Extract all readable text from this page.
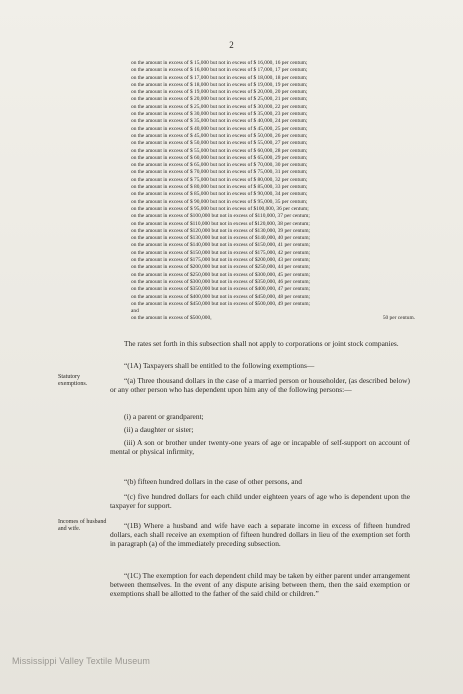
2
on the amount in excess of $ 15,000 but not in excess of $ 16,000, 16 per centum;
on the amount in excess of $ 16,000 but not in excess of $ 17,000, 17 per centum;
on the amount in excess of $ 17,000 but not in excess of $ 18,000, 18 per centum;
on the amount in excess of $ 18,000 but not in excess of $ 19,000, 19 per centum;
on the amount in excess of $ 19,000 but not in excess of $ 20,000, 20 per centum;
on the amount in excess of $ 20,000 but not in excess of $ 25,000, 21 per centum;
on the amount in excess of $ 25,000 but not in excess of $ 30,000, 22 per centum;
on the amount in excess of $ 30,000 but not in excess of $ 35,000, 23 per centum;
on the amount in excess of $ 35,000 but not in excess of $ 40,000, 24 per centum;
on the amount in excess of $ 40,000 but not in excess of $ 45,000, 25 per centum;
on the amount in excess of $ 45,000 but not in excess of $ 50,000, 26 per centum;
on the amount in excess of $ 50,000 but not in excess of $ 55,000, 27 per centum;
on the amount in excess of $ 55,000 but not in excess of $ 60,000, 28 per centum;
on the amount in excess of $ 60,000 but not in excess of $ 65,000, 29 per centum;
on the amount in excess of $ 65,000 but not in excess of $ 70,000, 30 per centum;
on the amount in excess of $ 70,000 but not in excess of $ 75,000, 31 per centum;
on the amount in excess of $ 75,000 but not in excess of $ 80,000, 32 per centum;
on the amount in excess of $ 80,000 but not in excess of $ 85,000, 33 per centum;
on the amount in excess of $ 85,000 but not in excess of $ 90,000, 34 per centum;
on the amount in excess of $ 90,000 but not in excess of $ 95,000, 35 per centum;
on the amount in excess of $ 95,000 but not in excess of $100,000, 36 per centum;
on the amount in excess of $100,000 but not in excess of $110,000, 37 per centum;
on the amount in excess of $110,000 but not in excess of $120,000, 38 per centum;
on the amount in excess of $120,000 but not in excess of $130,000, 39 per centum;
on the amount in excess of $130,000 but not in excess of $140,000, 40 per centum;
on the amount in excess of $140,000 but not in excess of $150,000, 41 per centum;
on the amount in excess of $150,000 but not in excess of $175,000, 42 per centum;
on the amount in excess of $175,000 but not in excess of $200,000, 43 per centum;
on the amount in excess of $200,000 but not in excess of $250,000, 44 per centum;
on the amount in excess of $250,000 but not in excess of $300,000, 45 per centum;
on the amount in excess of $300,000 but not in excess of $350,000, 46 per centum;
on the amount in excess of $350,000 but not in excess of $400,000, 47 per centum;
on the amount in excess of $400,000 but not in excess of $450,000, 48 per centum;
on the amount in excess of $450,000 but not in excess of $500,000, 49 per centum;
and
on the amount in excess of $500,000,	50 per centum.
The rates set forth in this subsection shall not apply to corporations or joint stock companies.
Statutory exemptions.
“(1A) Taxpayers shall be entitled to the following exemptions—
“(a) Three thousand dollars in the case of a married person or householder, (as described below) or any other person who has dependent upon him any of the following persons:—
(i) a parent or grandparent;
(ii) a daughter or sister;
(iii) A son or brother under twenty-one years of age or incapable of self-support on account of mental or physical infirmity,
“(b) fifteen hundred dollars in the case of other persons, and
“(c) five hundred dollars for each child under eighteen years of age who is dependent upon the taxpayer for support.
Incomes of husband and wife.	“(1B) Where a husband and wife have each a separate income in excess of fifteen hundred dollars, each shall receive an exemption of fifteen hundred dollars in lieu of the exemption set forth in paragraph (a) of the immediately preceding subsection.
“(1C) The exemption for each dependent child may be taken by either parent under arrangement between themselves. In the event of any dispute arising between them, then the said exemption or exemptions shall be allotted to the father of the said child or children.”
Mississippi Valley Textile Museum
